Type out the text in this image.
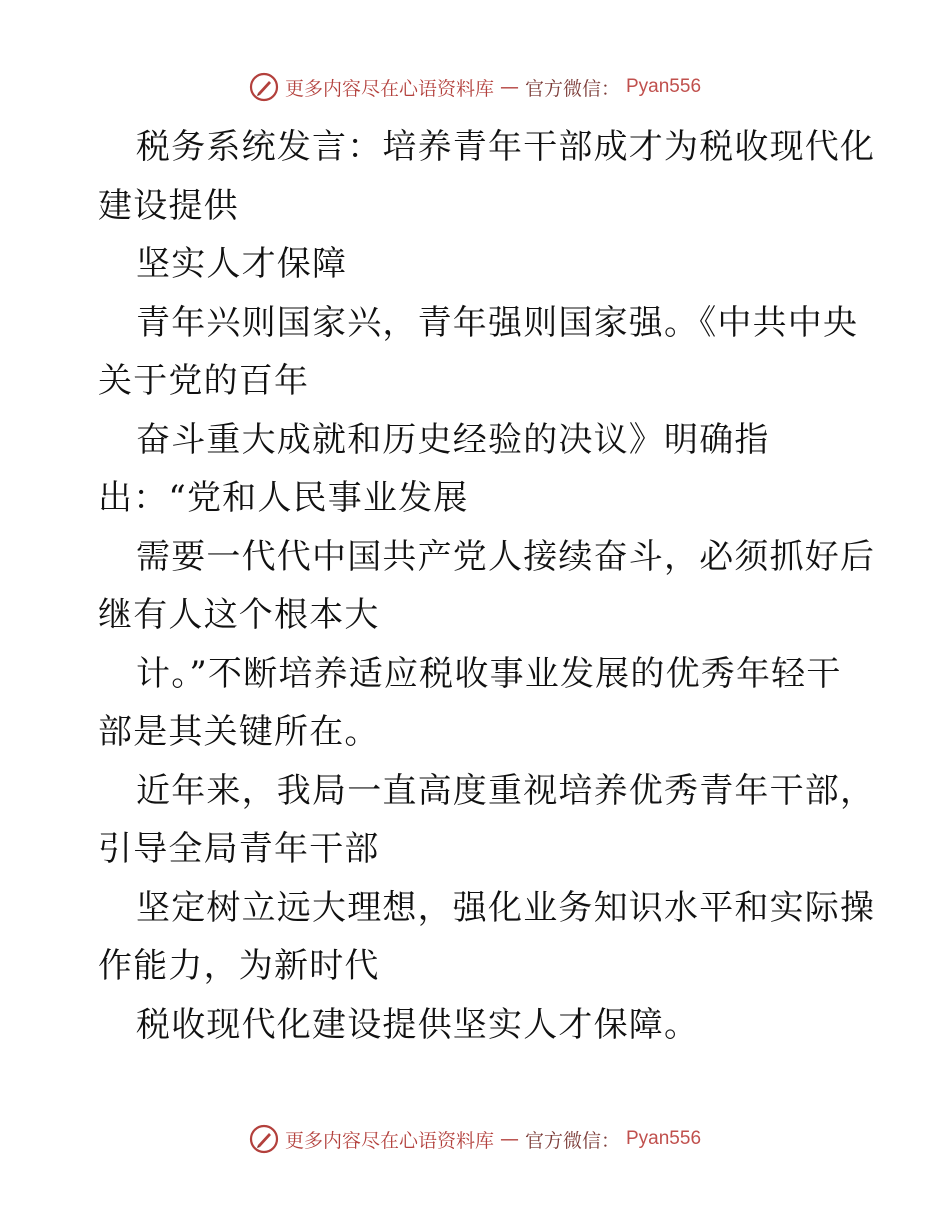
更多内容尽在心语资料库 — 官方微信： Pyan556
税务系统发言：培养青年干部成才为税收现代化
建设提供
坚实人才保障
青年兴则国家兴，青年强则国家强。《中共中央
关于党的百年
奋斗重大成就和历史经验的决议》明确指
出：“党和人民事业发展
需要一代代中国共产党人接续奋斗，必须抓好后
继有人这个根本大
计。”不断培养适应税收事业发展的优秀年轻干
部是其关键所在。
近年来，我局一直高度重视培养优秀青年干部，
引导全局青年干部
坚定树立远大理想，强化业务知识水平和实际操
作能力，为新时代
税收现代化建设提供坚实人才保障。
更多内容尽在心语资料库 — 官方微信： Pyan556
